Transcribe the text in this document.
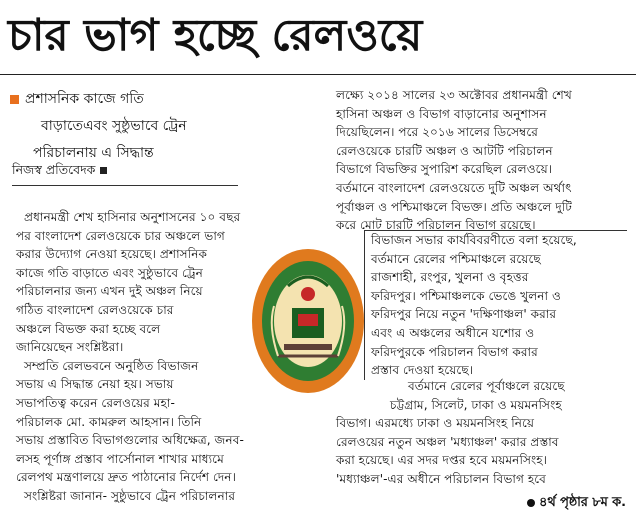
চার ভাগ হচ্ছে রেলওয়ে
প্রশাসনিক কাজে গতি
বাড়াতেএবং সুষ্ঠুভাবে ট্রেন
পরিচালনায় এ সিদ্ধান্ত
নিজস্ব প্রতিবেদক

প্রধানমন্ত্রী শেখ হাসিনার অনুশাসনের ১০ বছর

পর বাংলাদেশ রেলওয়েকে চার অঞ্চলে ভাগ

করার উদ্যোগ নেওয়া হয়েছে। প্রশাসনিক

কাজে গতি বাড়াতে এবং সুষ্ঠুভাবে ট্রেন

পরিচালনার জন্য এখন দুই অঞ্চল নিয়ে

গঠিত বাংলাদেশ রেলওয়েকে চার

অঞ্চলে বিভক্ত করা হচ্ছে বলে

জানিয়েছেন সংশ্লিষ্টরা।

সম্প্রতি রেলভবনে অনুষ্ঠিত বিভাজন

সভায় এ সিদ্ধান্ত নেয়া হয়। সভায়

সভাপতিত্ব করেন রেলওয়ের মহা-

পরিচালক মো. কামরুল আহসান। তিনি

সভায় প্রস্তাবিত বিভাগগুলোর অধিক্ষেত্র, জনব-

লসহ পূর্ণাঙ্গ প্রস্তাব পার্সোনাল শাখার মাধ্যমে

রেলপথ মন্ত্রণালয়ে দ্রুত পাঠানোর নির্দেশ দেন।

সংশ্লিষ্টরা জানান- সুষ্ঠুভাবে ট্রেন পরিচালনার

লক্ষ্যে ২০১৪ সালের ২৩ অক্টোবর প্রধানমন্ত্রী শেখ

হাসিনা অঞ্চল ও বিভাগ বাড়ানোর অনুশাসন

দিয়েছিলেন। পরে ২০১৬ সালের ডিসেম্বরে

রেলওয়েকে চারটি অঞ্চল ও আটটি পরিচালন

বিভাগে বিভক্তির সুপারিশ করেছিল রেলওয়ে।

বর্তমানে বাংলাদেশ রেলওয়েতে দুটি অঞ্চল অর্থাৎ

পূর্বাঞ্চল ও পশ্চিমাঞ্চলে বিভক্ত। প্রতি অঞ্চলে দুটি

করে মোট চারটি পরিচালন বিভাগ রয়েছে।

বিভাজন সভার কার্যবিবরণীতে বলা হয়েছে,

বর্তমানে রেলের পশ্চিমাঞ্চলে রয়েছে

রাজশাহী, রংপুর, খুলনা ও বৃহত্তর

ফরিদপুর। পশ্চিমাঞ্চলকে ভেঙে খুলনা ও

ফরিদপুর নিয়ে নতুন 'দক্ষিণাঞ্চল' করার

এবং এ অঞ্চলের অধীনে যশোর ও

ফরিদপুরকে পরিচালন বিভাগ করার

প্রস্তাব দেওয়া হয়েছে।

বর্তমানে রেলের পূর্বাঞ্চলে রয়েছে

চট্টগ্রাম, সিলেট, ঢাকা ও ময়মনসিংহ

বিভাগ। এরমধ্যে ঢাকা ও ময়মনসিংহ নিয়ে

রেলওয়ের নতুন অঞ্চল 'মধ্যাঞ্চল' করার প্রস্তাব

করা হয়েছে। এর সদর দপ্তর হবে ময়মনসিংহ।

'মধ্যাঞ্চল'-এর অধীনে পরিচালন বিভাগ হবে

৪র্থ পৃষ্ঠার ৮ম ক.
